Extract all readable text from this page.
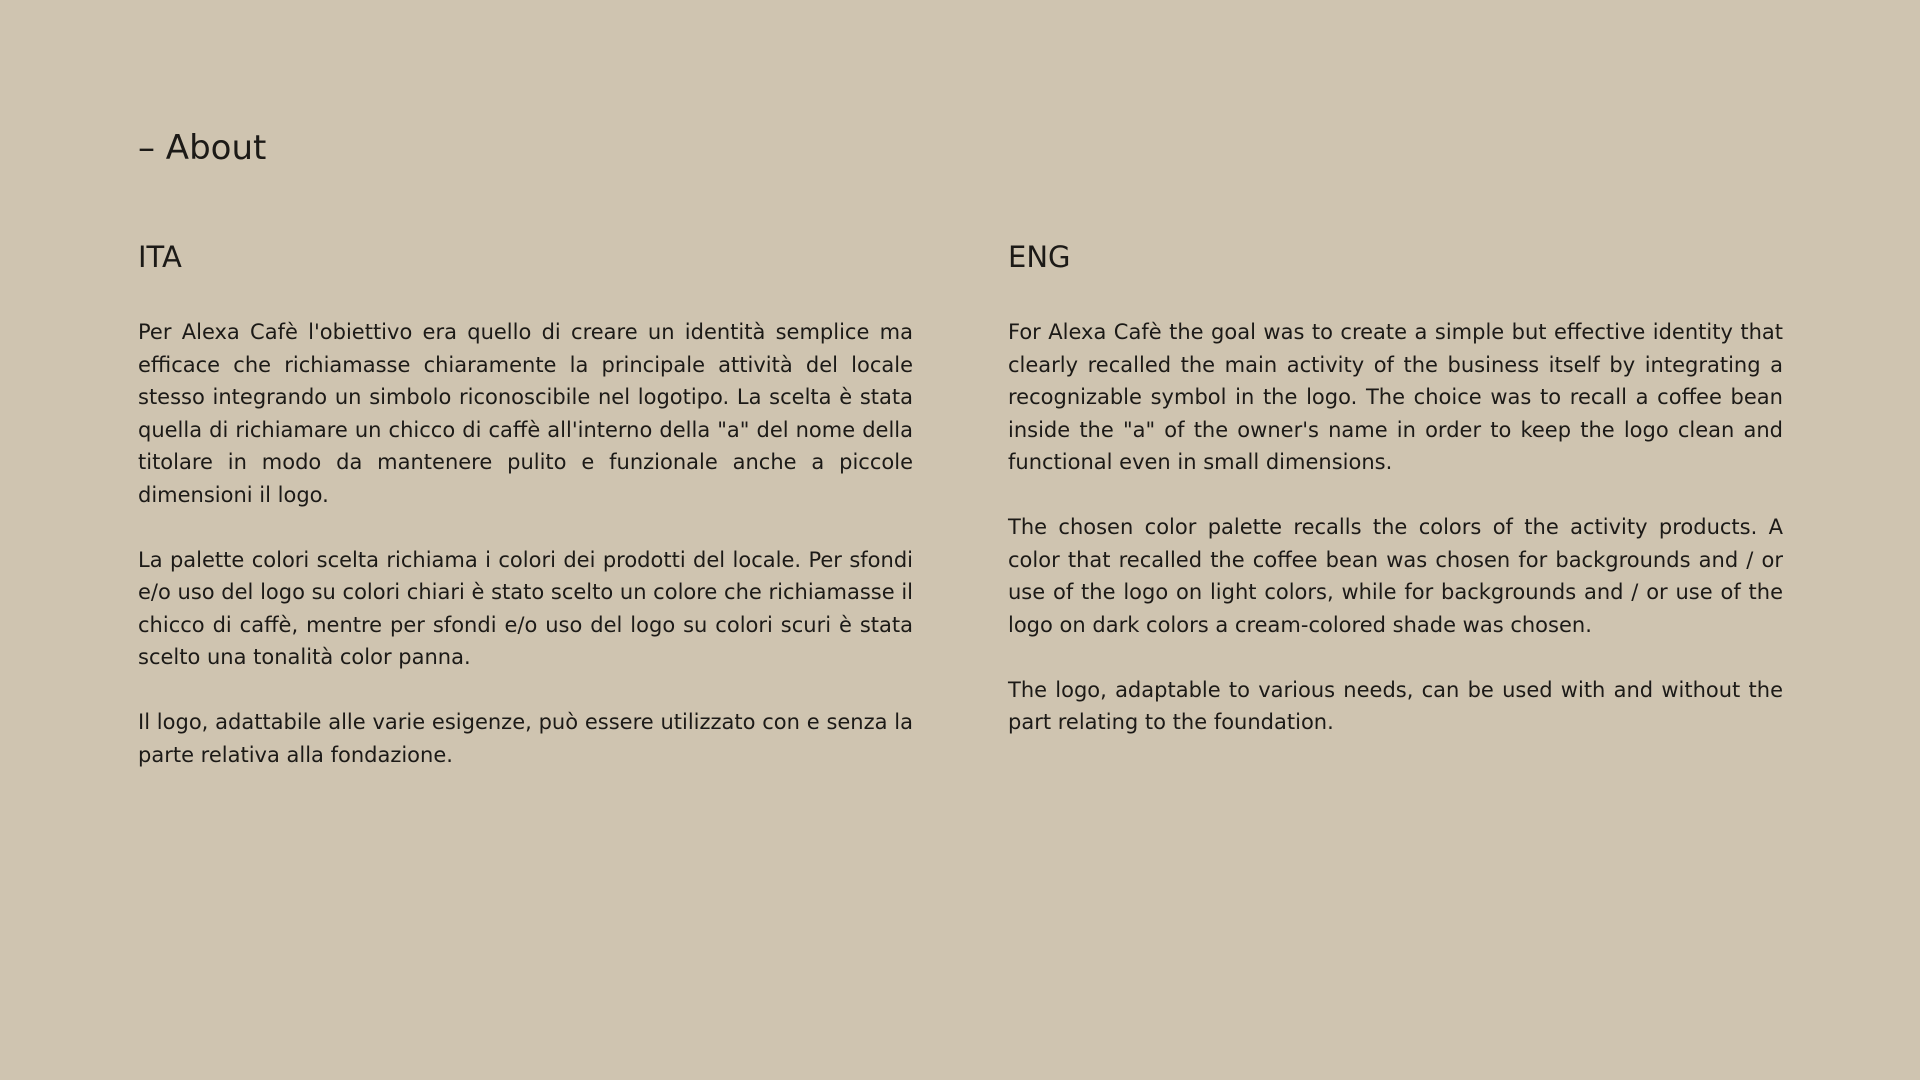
– About
ITA

Per Alexa Cafè l'obiettivo era quello di creare un identità semplice ma efficace che richiamasse chiaramente la principale attività del locale stesso integrando un simbolo riconoscibile nel logotipo. La scelta è stata quella di richiamare un chicco di caffè all'interno della "a" del nome della titolare in modo da mantenere pulito e funzionale anche a piccole dimensioni il logo.

La palette colori scelta richiama i colori dei prodotti del locale. Per sfondi e/o uso del logo su colori chiari è stato scelto un colore che richiamasse il chicco di caffè, mentre per sfondi e/o uso del logo su colori scuri è stata scelto una tonalità color panna.

Il logo, adattabile alle varie esigenze, può essere utilizzato con e senza la parte relativa alla fondazione.

ENG

For Alexa Cafè the goal was to create a simple but effective identity that clearly recalled the main activity of the business itself by integrating a recognizable symbol in the logo. The choice was to recall a coffee bean inside the "a" of the owner's name in order to keep the logo clean and functional even in small dimensions.

The chosen color palette recalls the colors of the activity products. A color that recalled the coffee bean was chosen for backgrounds and / or use of the logo on light colors, while for backgrounds and / or use of the logo on dark colors a cream-colored shade was chosen.

The logo, adaptable to various needs, can be used with and without the part relating to the foundation.
